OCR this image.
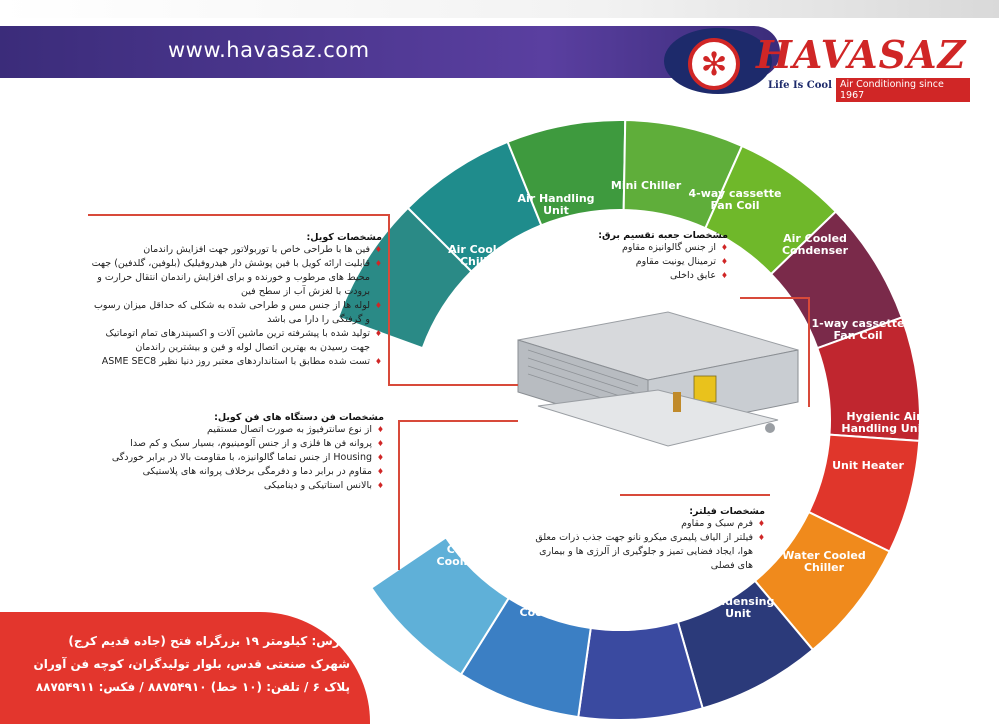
www.havasaz.com	✻ HAVASAZ
Life Is Cool Air Conditioning since 1967
Air Cooled Chiller
Air Handling Unit
Mini Chiller
4-way cassette Fan Coil
Air Cooled Condenser
1-way cassette Fan Coil
Hygienic Air Handling Unit
Unit Heater
Water Cooled Chiller
Condensing Unit
Duct Fan Coil
Bottle Type Cooling Tower
Cubic Type Cooling Tower
مشخصات کویل:
♦ فین ها با طراحی خاص با توربولاتور جهت افزایش راندمان
♦ قابلیت ارائه کویل با فین پوشش دار هیدروفیلیک (بلوفین، گلدفین) جهت محیط های مرطوب و خورنده و برای افزایش راندمان انتقال حرارت و برودت با لغزش آب از سطح فین
♦ لوله ها از جنس مس و طراحی شده به شکلی که حداقل میزان رسوب و گرفتگی را دارا می باشد
♦ تولید شده با پیشرفته ترین ماشین آلات و اکسپندرهای تمام اتوماتیک جهت رسیدن به بهترین اتصال لوله و فین و بیشترین راندمان
♦ تست شده مطابق با استانداردهای معتبر روز دنیا نظیر ASME SEC8
مشخصات فن دستگاه های فن کویل:
♦ از نوع سانترفیوژ به صورت اتصال مستقیم
♦ پروانه فن ها فلزی و از جنس آلومینیوم، بسیار سبک و کم صدا
♦ Housing از جنس تماما گالوانیزه، با مقاومت بالا در برابر خوردگی
♦ مقاوم در برابر دما و دفرمگی برخلاف پروانه های پلاستیکی
♦ بالانس استاتیکی و دینامیکی
مشخصات جعبه تقسیم برق:
♦ از جنس گالوانیزه مقاوم
♦ ترمینال یونیت مقاوم
♦ عایق داخلی
مشخصات فیلتر:
♦ فرم سبک و مقاوم
♦ فیلتر از الیاف پلیمری میکرو نانو جهت جذب ذرات معلق هوا، ایجاد فضایی تمیز و جلوگیری از آلرژی ها و بیماری های فصلی
آدرس: کیلومتر ۱۹ بزرگراه فتح (جاده قدیم کرج)
شهرک صنعتی قدس، بلوار تولیدگران، کوچه فن آوران
پلاک ۶ / تلفن: (۱۰ خط) ۸۸۷۵۴۹۱۰ / فکس: ۸۸۷۵۴۹۱۱
